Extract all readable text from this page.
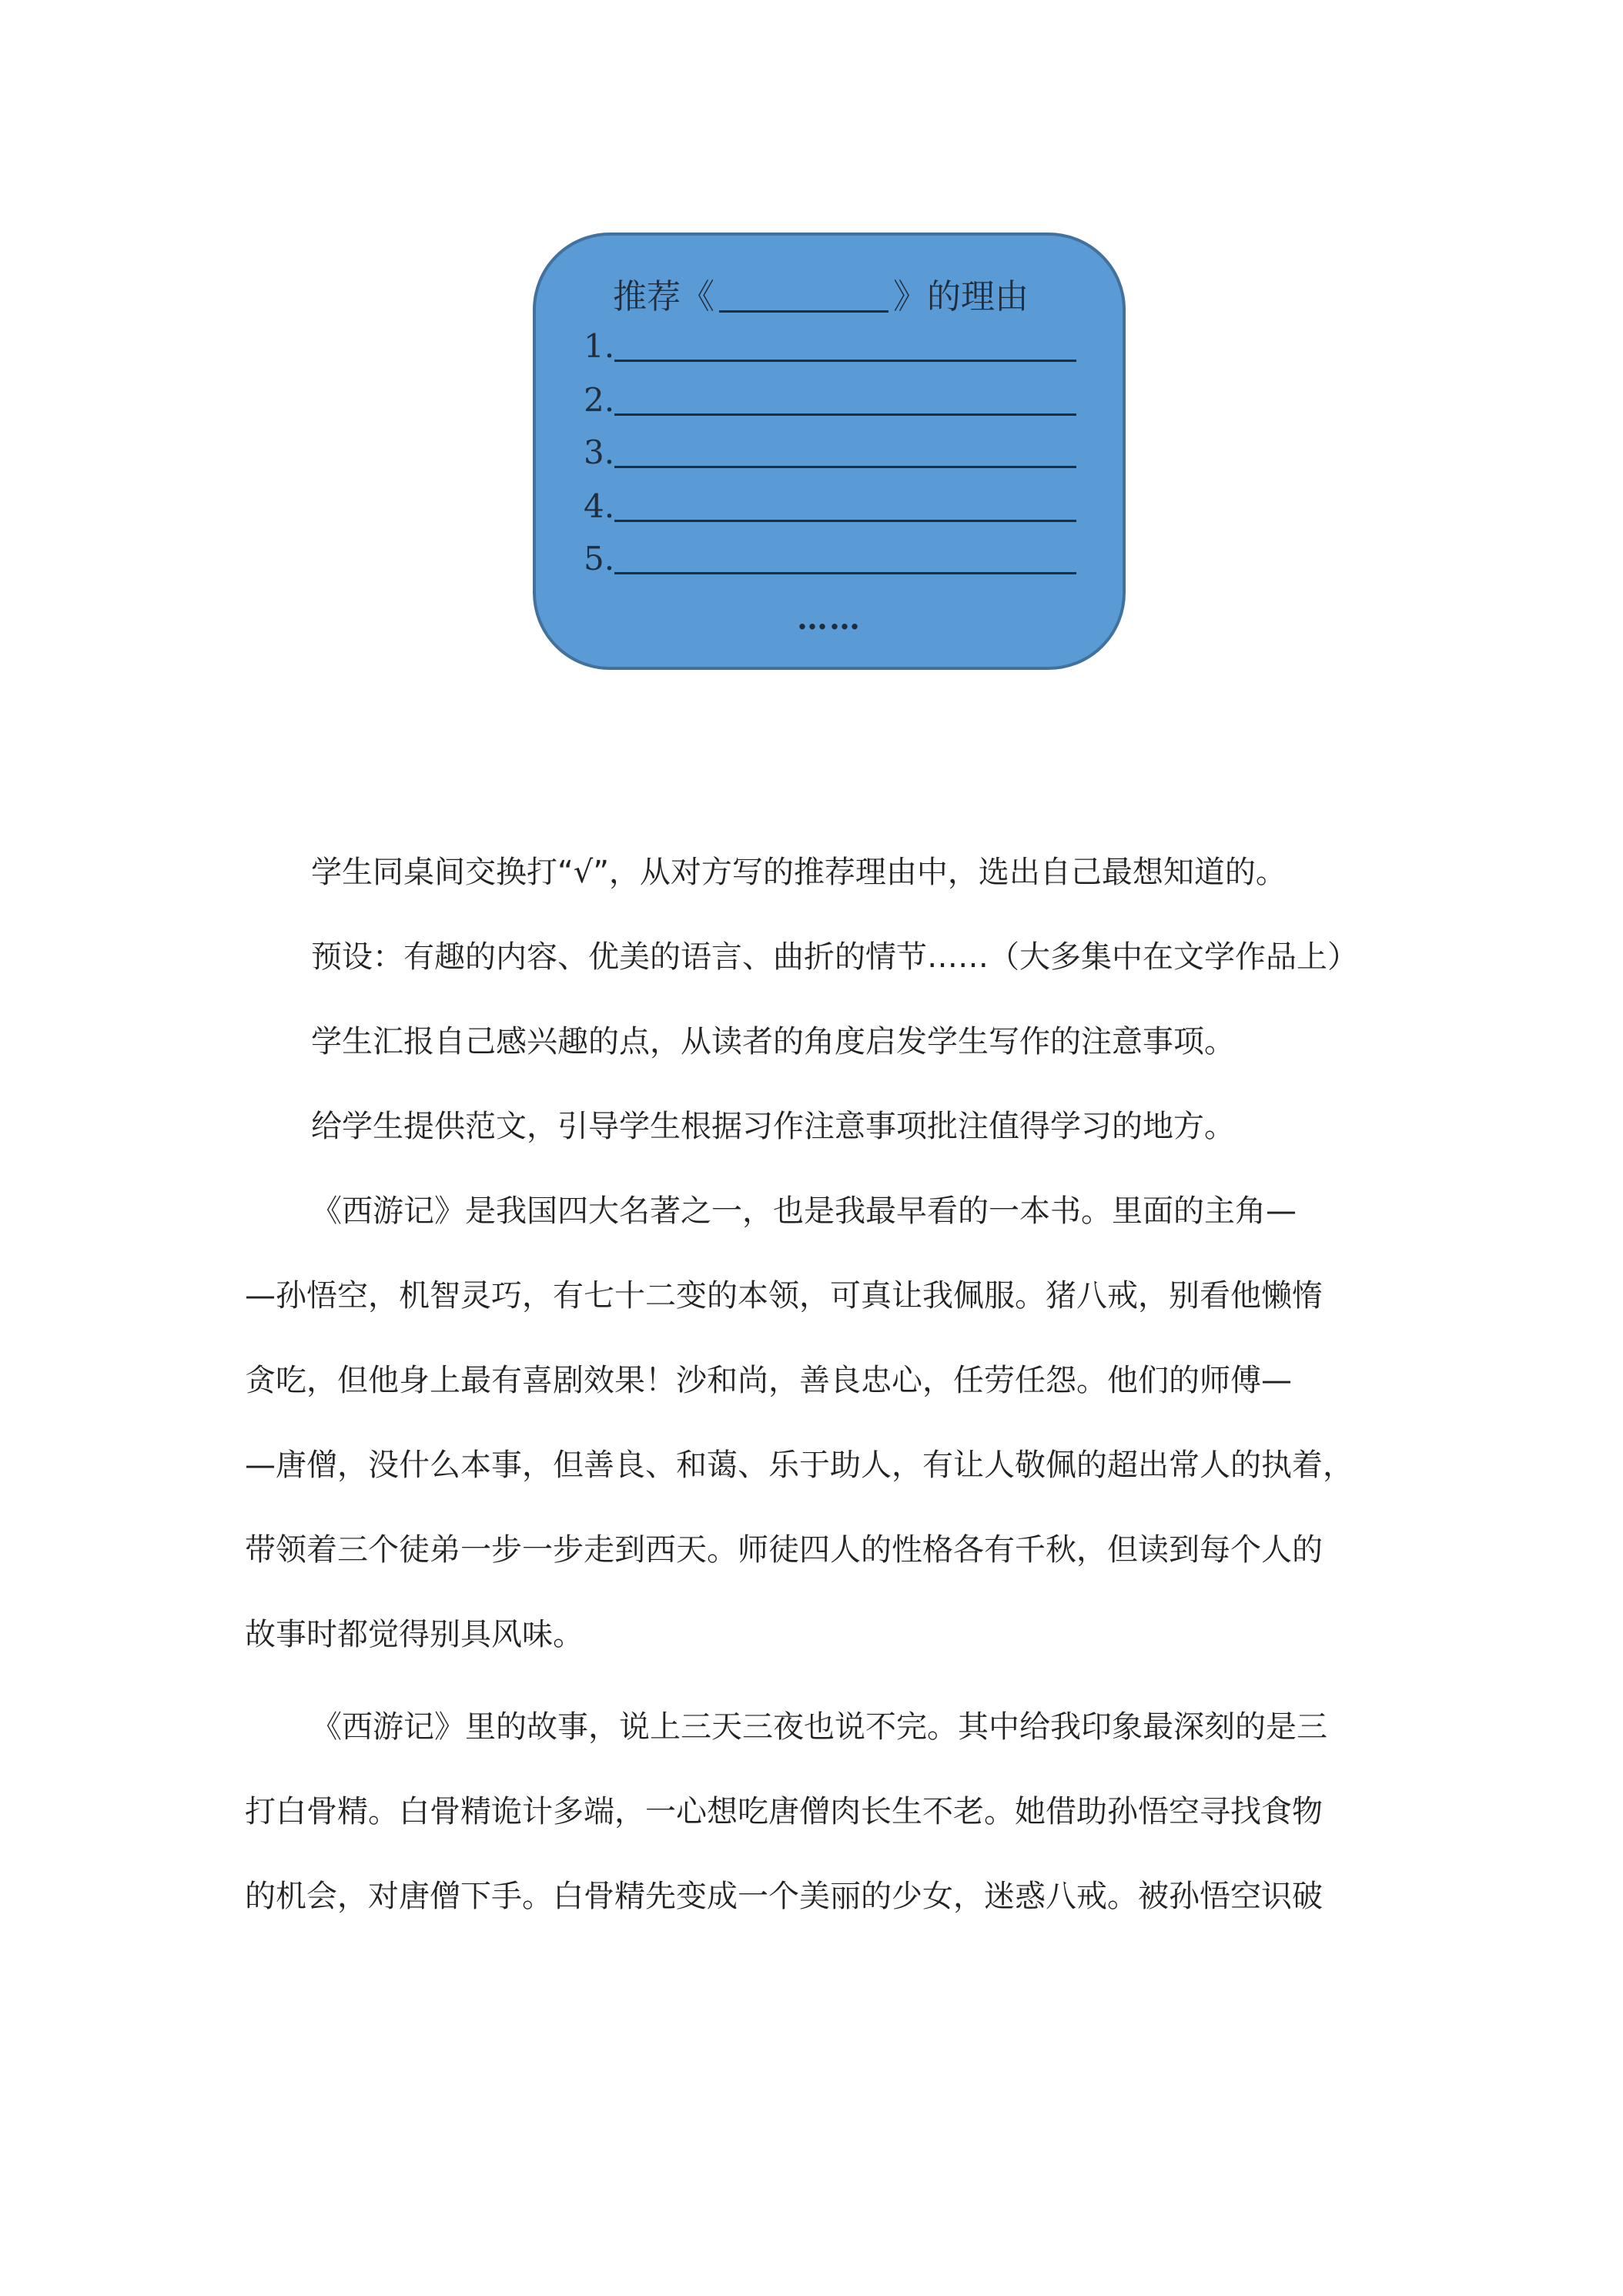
推荐《	》的理由
1.
2.
3.
4.
5.
……

学生同桌间交换打“√”，从对方写的推荐理由中，选出自己最想知道的。

预设：有趣的内容、优美的语言、曲折的情节……（大多集中在文学作品上）

学生汇报自己感兴趣的点，从读者的角度启发学生写作的注意事项。

给学生提供范文，引导学生根据习作注意事项批注值得学习的地方。

《西游记》是我国四大名著之一，也是我最早看的一本书。里面的主角—
—孙悟空，机智灵巧，有七十二变的本领，可真让我佩服。猪八戒，别看他懒惰
贪吃，但他身上最有喜剧效果！沙和尚，善良忠心，任劳任怨。他们的师傅—
—唐僧，没什么本事，但善良、和蔼、乐于助人，有让人敬佩的超出常人的执着，
带领着三个徒弟一步一步走到西天。师徒四人的性格各有千秋，但读到每个人的
故事时都觉得别具风味。
《西游记》里的故事，说上三天三夜也说不完。其中给我印象最深刻的是三
打白骨精。白骨精诡计多端，一心想吃唐僧肉长生不老。她借助孙悟空寻找食物
的机会，对唐僧下手。白骨精先变成一个美丽的少女，迷惑八戒。被孙悟空识破
